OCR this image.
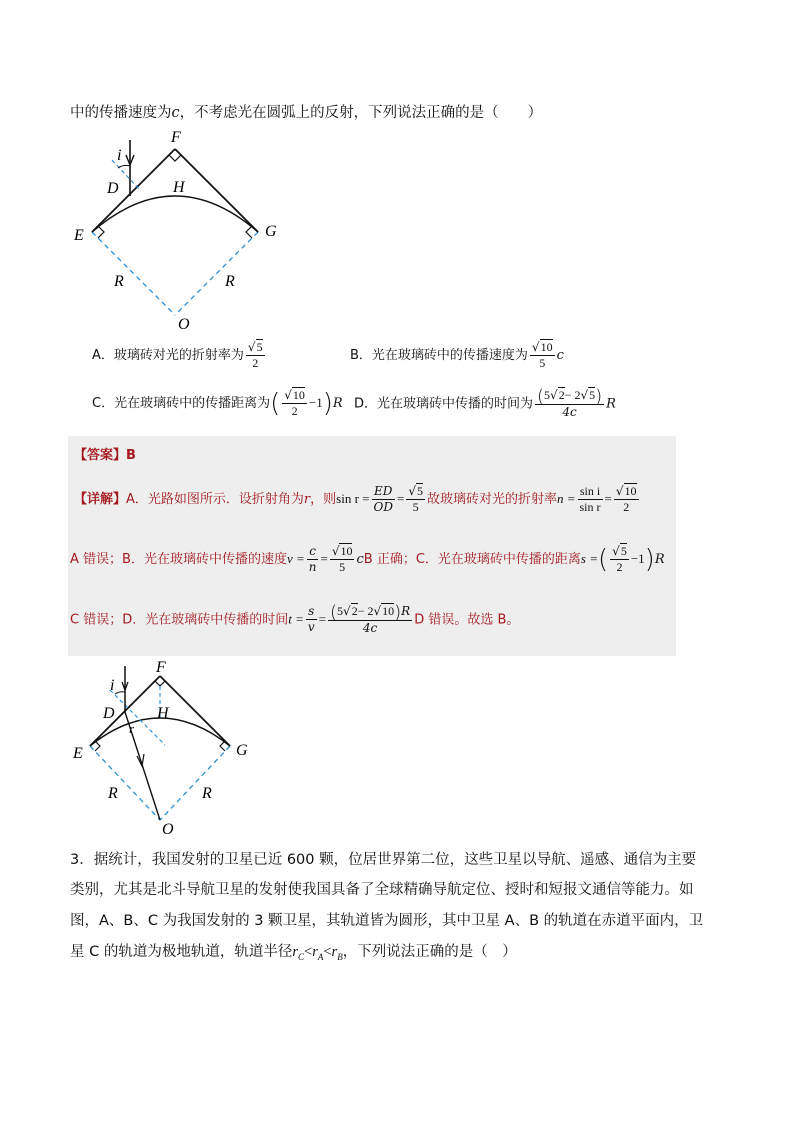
中的传播速度为c，不考虑光在圆弧上的反射，下列说法正确的是（　　）
F
H
D
E	G
O
R	R
i
A．玻璃砖对光的折射率为 $\frac{√5}{2}$	B．光在玻璃砖中的传播速度为 $\frac{√10}{5}$ c
C．光在玻璃砖中的传播距离为( $\frac{√10}{2} -1)R$ D．光在玻璃砖中传播的时间为 $\frac{(5√2- 2√5)}{4c}$ R
【答案】B
【详解】A．光路如图所示．设折射角为r，则$\sin r = \frac{ED}{OD} = \frac{√5}{5}$ 故玻璃砖对光的折射率$n = \frac{\text{sin i}}{\text{sin r}} = \frac{√10}{2}$
A 错误；B．光在玻璃砖中传播的速度$v = \frac{c}{n} = \frac{√10}{5}$ cB 正确；C．光在玻璃砖中传播的距离s =( $\frac{√5}{2} -1)R$
C 错误；D．光在玻璃砖中传播的时间$t = \frac{s}{v} = \frac{(5√2- 2√10)R}{4c}$ D 错误。故选 B。
F
H
D
E	G
O
R	R
i
r
3．据统计，我国发射的卫星已近 600 颗，位居世界第二位，这些卫星以导航、遥感、通信为主要
类别，尤其是北斗导航卫星的发射使我国具备了全球精确导航定位、授时和短报文通信等能力。如
图，A、B、C 为我国发射的 3 颗卫星，其轨道皆为圆形，其中卫星 A、B 的轨道在赤道平面内，卫
星 C 的轨道为极地轨道，轨道半径$r_C<r_A<r_B$，下列说法正确的是（　）
